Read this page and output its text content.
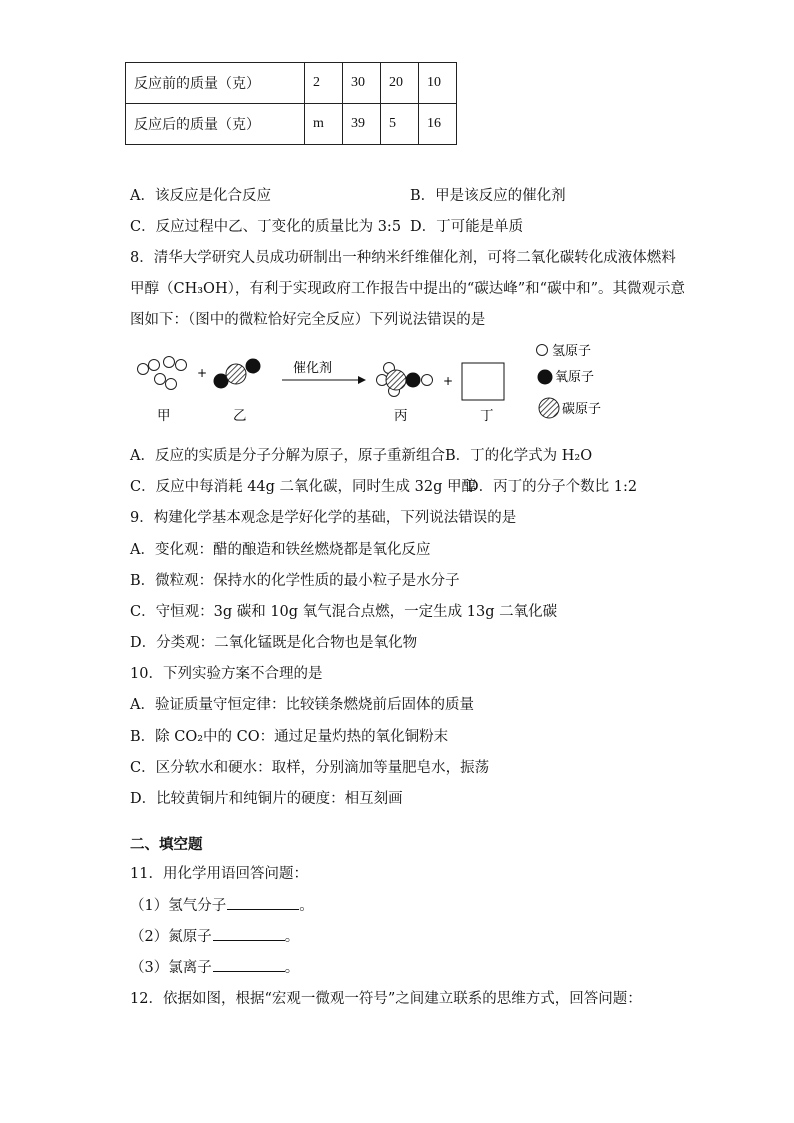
反应前的质量（克）	2	30	20	10
反应后的质量（克）	m	39	5	16
A．该反应是化合反应	B．甲是该反应的催化剂
C．反应过程中乙、丁变化的质量比为 3:5 D．丁可能是单质
8．清华大学研究人员成功研制出一种纳米纤维催化剂，可将二氧化碳转化成液体燃料
甲醇（CH₃OH），有利于实现政府工作报告中提出的“碳达峰”和“碳中和”。其微观示意
图如下：（图中的微粒恰好完全反应）下列说法错误的是
+	催化剂
+
甲	乙	丙	丁
氢原子
氧原子
碳原子
A．反应的实质是分子分解为原子，原子重新组合 B．丁的化学式为 H₂O
C．反应中每消耗 44g 二氧化碳，同时生成 32g 甲醇
D．丙丁的分子个数比 1:2
9．构建化学基本观念是学好化学的基础，下列说法错误的是
A．变化观：醋的酿造和铁丝燃烧都是氧化反应
B．微粒观：保持水的化学性质的最小粒子是水分子
C．守恒观：3g 碳和 10g 氧气混合点燃，一定生成 13g 二氧化碳
D．分类观：二氧化锰既是化合物也是氧化物
10．下列实验方案不合理的是
A．验证质量守恒定律：比较镁条燃烧前后固体的质量
B．除 CO₂中的 CO：通过足量灼热的氧化铜粉末
C．区分软水和硬水：取样，分别滴加等量肥皂水，振荡
D．比较黄铜片和纯铜片的硬度：相互刻画
二、填空题
11．用化学用语回答问题：
（1）氢气分子	。
（2）氮原子	。
（3）氯离子	。
12．依据如图，根据“宏观一微观一符号”之间建立联系的思维方式，回答问题：
